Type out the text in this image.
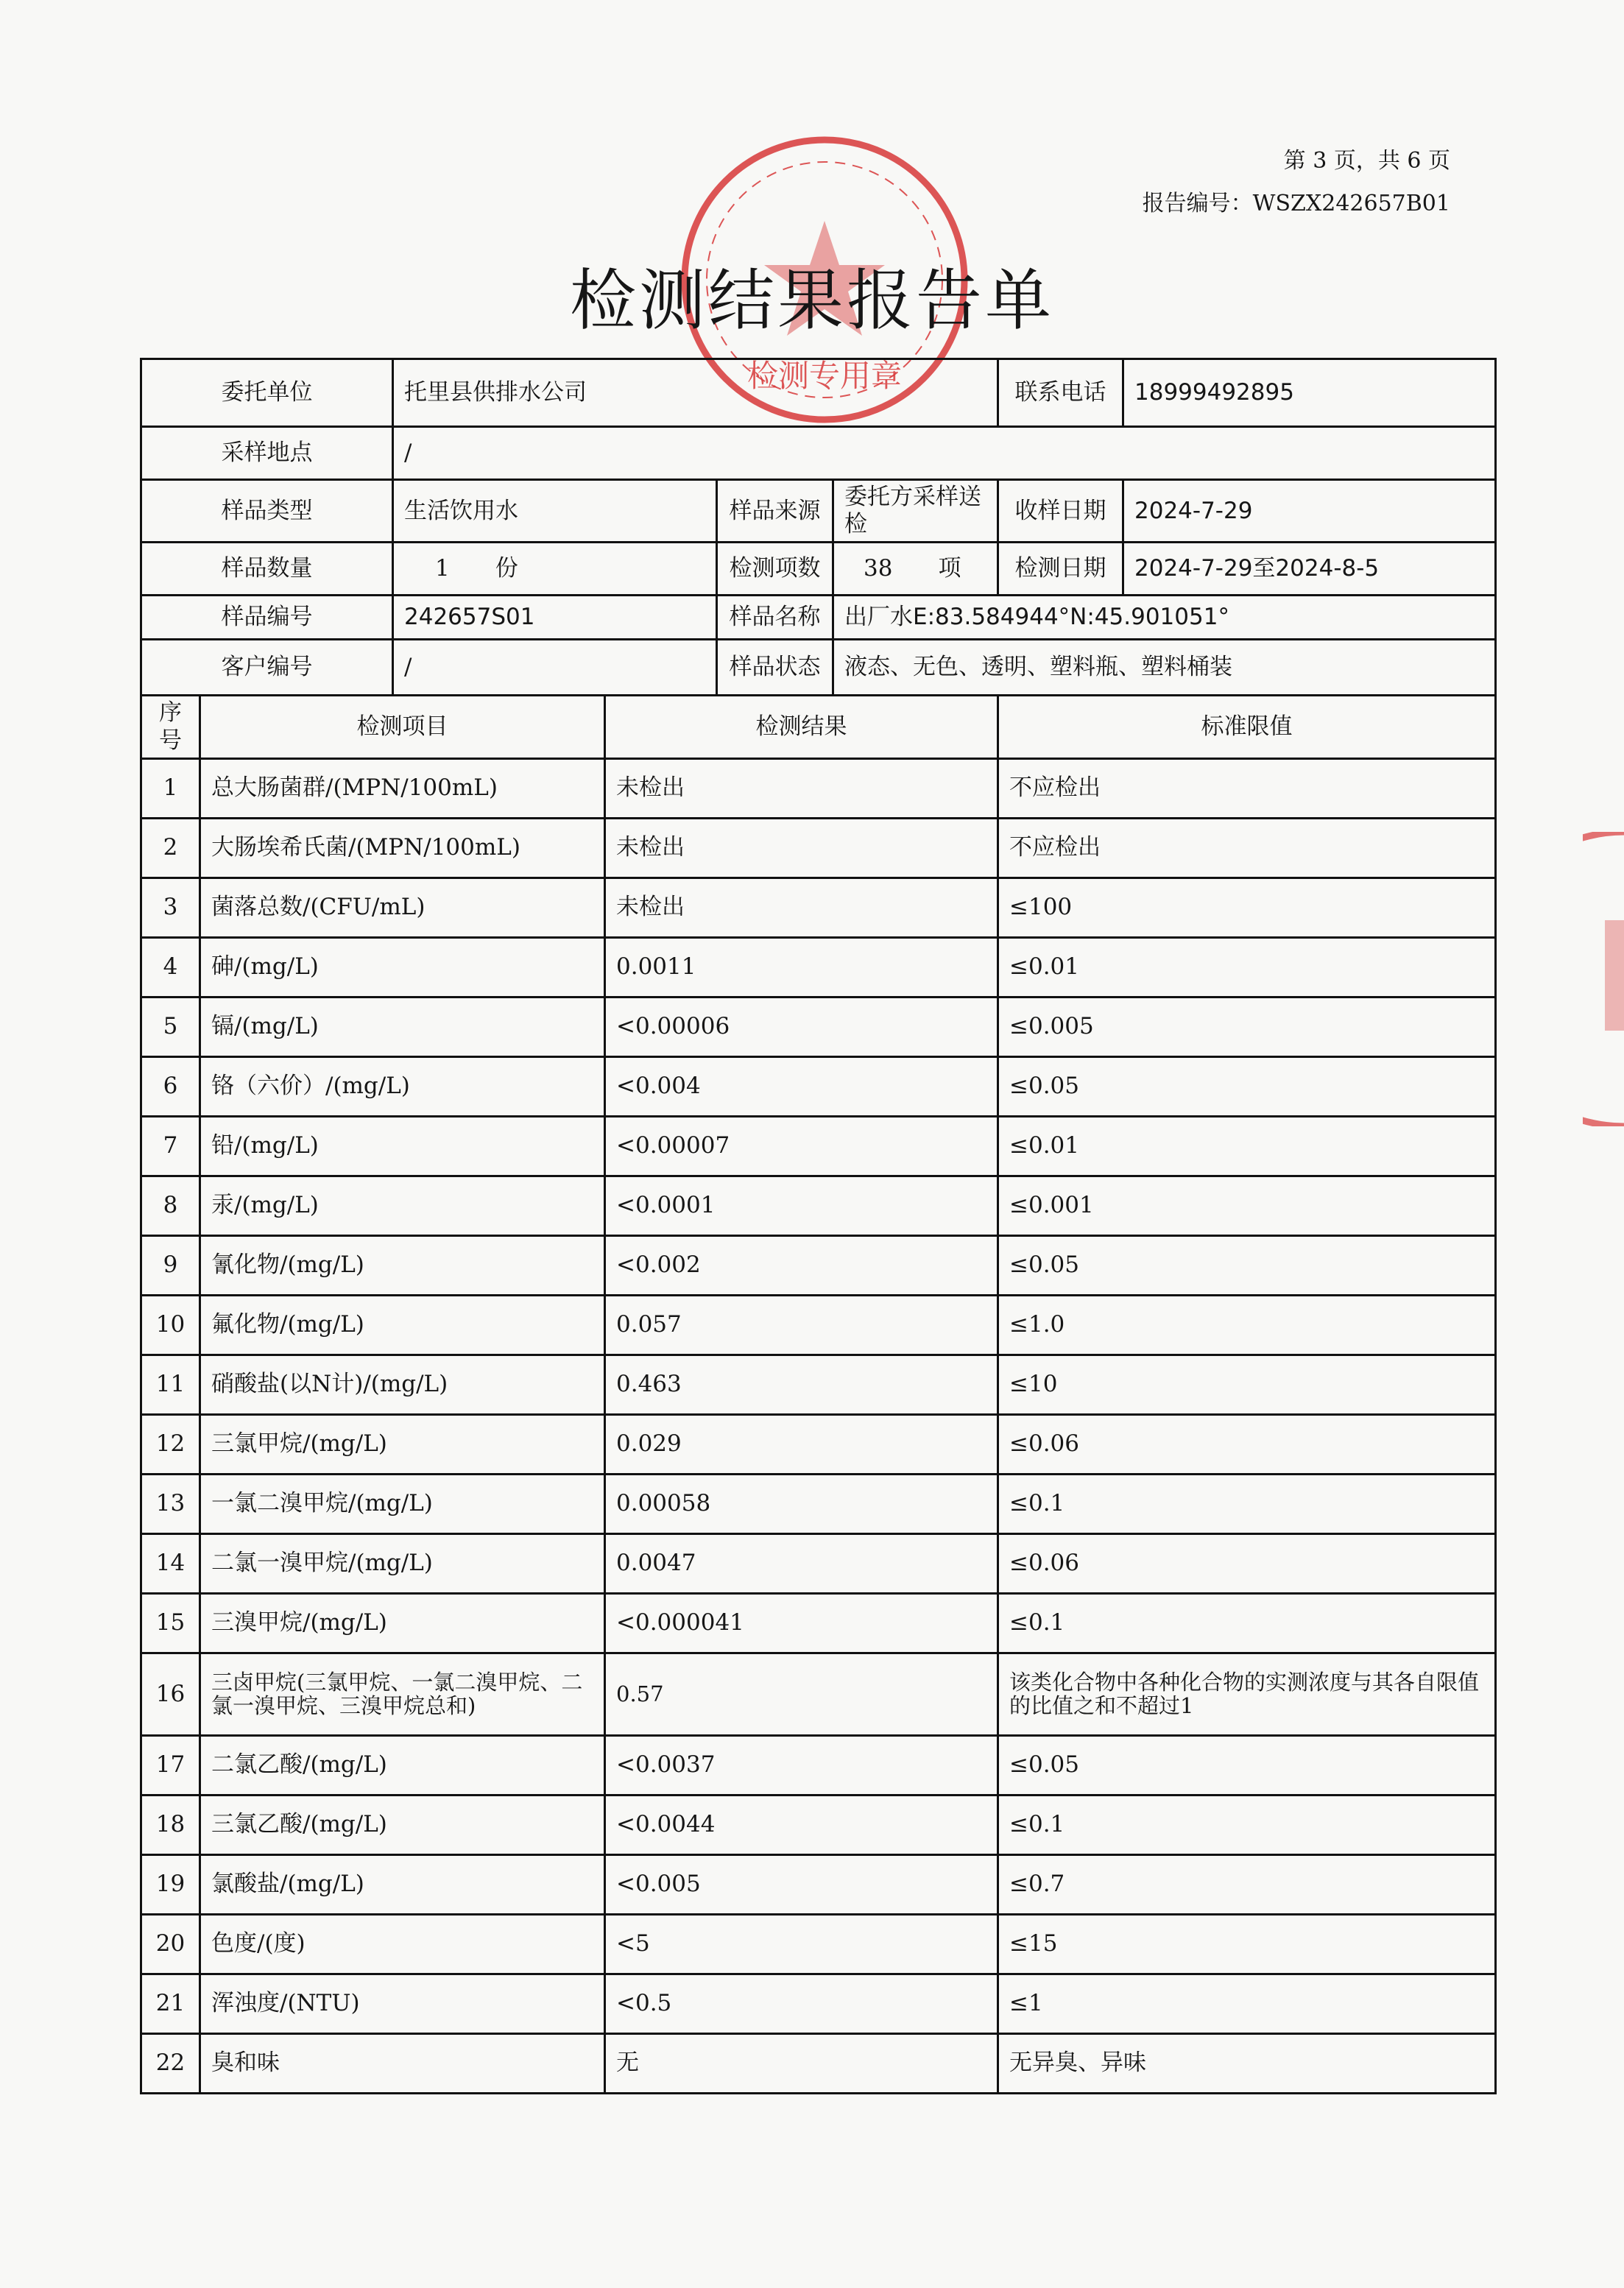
第 3 页，共 6 页
报告编号：WSZX242657B01
检测专用章
检测结果报告单
委托单位		托里县供排水公司				联系电话	18999492895
采样地点		/					
样品类型		生活饮用水		样品来源	委托方采样送检	收样日期	2024-7-29
样品数量		1　　份		检测项数	38　　项	检测日期	2024-7-29至2024-8-5
样品编号		242657S01		样品名称	出厂水E:83.584944°N:45.901051°		
客户编号		/		样品状态	液态、无色、透明、塑料瓶、塑料桶装		
序号	检测项目		检测结果			标准限值	
1	总大肠菌群/(MPN/100mL)		未检出			不应检出	
2	大肠埃希氏菌/(MPN/100mL)		未检出			不应检出	
3	菌落总数/(CFU/mL)		未检出			≤100	
4	砷/(mg/L)		0.0011			≤0.01	
5	镉/(mg/L)		<0.00006			≤0.005	
6	铬（六价）/(mg/L)		<0.004			≤0.05	
7	铅/(mg/L)		<0.00007			≤0.01	
8	汞/(mg/L)		<0.0001			≤0.001	
9	氰化物/(mg/L)		<0.002			≤0.05	
10	氟化物/(mg/L)		0.057			≤1.0	
11	硝酸盐(以N计)/(mg/L)		0.463			≤10	
12	三氯甲烷/(mg/L)		0.029			≤0.06	
13	一氯二溴甲烷/(mg/L)		0.00058			≤0.1	
14	二氯一溴甲烷/(mg/L)		0.0047			≤0.06	
15	三溴甲烷/(mg/L)		<0.000041			≤0.1	
16	三卤甲烷(三氯甲烷、一氯二溴甲烷、二氯一溴甲烷、三溴甲烷总和)		0.57			该类化合物中各种化合物的实测浓度与其各自限值的比值之和不超过1	
17	二氯乙酸/(mg/L)		<0.0037			≤0.05	
18	三氯乙酸/(mg/L)		<0.0044			≤0.1	
19	氯酸盐/(mg/L)		<0.005			≤0.7	
20	色度/(度)		<5			≤15	
21	浑浊度/(NTU)		<0.5			≤1	
22	臭和味		无			无异臭、异味	
